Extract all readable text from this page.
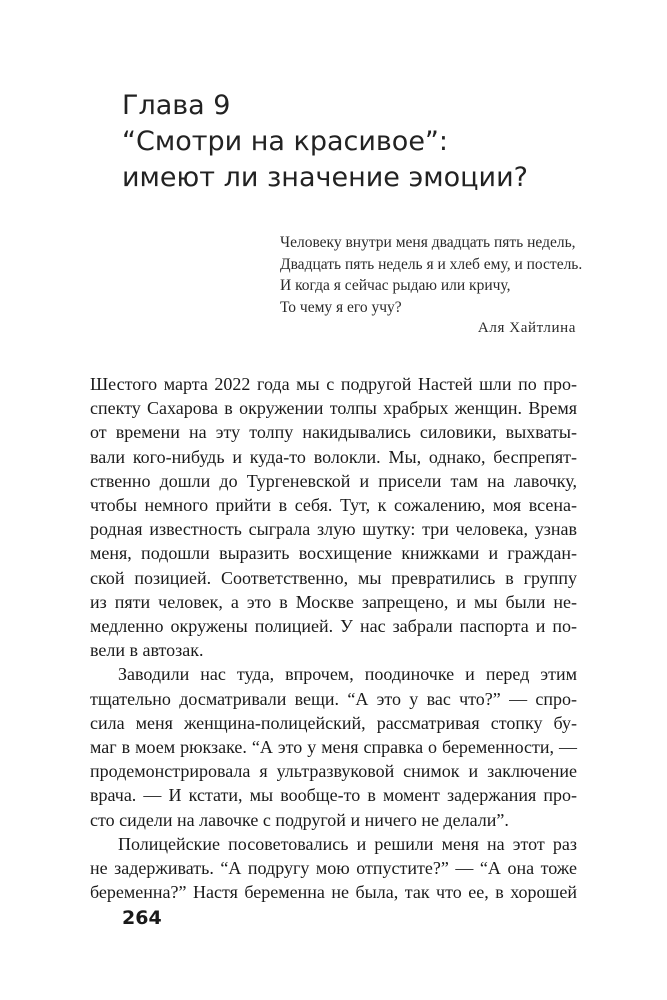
Глава 9
“Смотри на красивое”:
имеют ли значение эмоции?
Человеку внутри меня двадцать пять недель,
Двадцать пять недель я и хлеб ему, и постель.
И когда я сейчас рыдаю или кричу,
То чему я его учу?
Аля Хайтлина
Шестого марта 2022 года мы с подругой Настей шли по про-
спекту Сахарова в окружении толпы храбрых женщин. Время
от времени на эту толпу накидывались силовики, выхваты-
вали кого-нибудь и куда-то волокли. Мы, однако, беспрепят-
ственно дошли до Тургеневской и присели там на лавочку,
чтобы немного прийти в себя. Тут, к сожалению, моя всена-
родная известность сыграла злую шутку: три человека, узнав
меня, подошли выразить восхищение книжками и граждан-
ской позицией. Соответственно, мы превратились в группу
из пяти человек, а это в Москве запрещено, и мы были не-
медленно окружены полицией. У нас забрали паспорта и по-
вели в автозак.
Заводили нас туда, впрочем, поодиночке и перед этим
тщательно досматривали вещи. “А это у вас что?” — спро-
сила меня женщина-полицейский, рассматривая стопку бу-
маг в моем рюкзаке. “А это у меня справка о беременности, —
продемонстрировала я ультразвуковой снимок и заключение
врача. — И кстати, мы вообще-то в момент задержания про-
сто сидели на лавочке с подругой и ничего не делали”.
Полицейские посоветовались и решили меня на этот раз
не задерживать. “А подругу мою отпустите?” — “А она тоже
беременна?” Настя беременна не была, так что ее, в хорошей
264
